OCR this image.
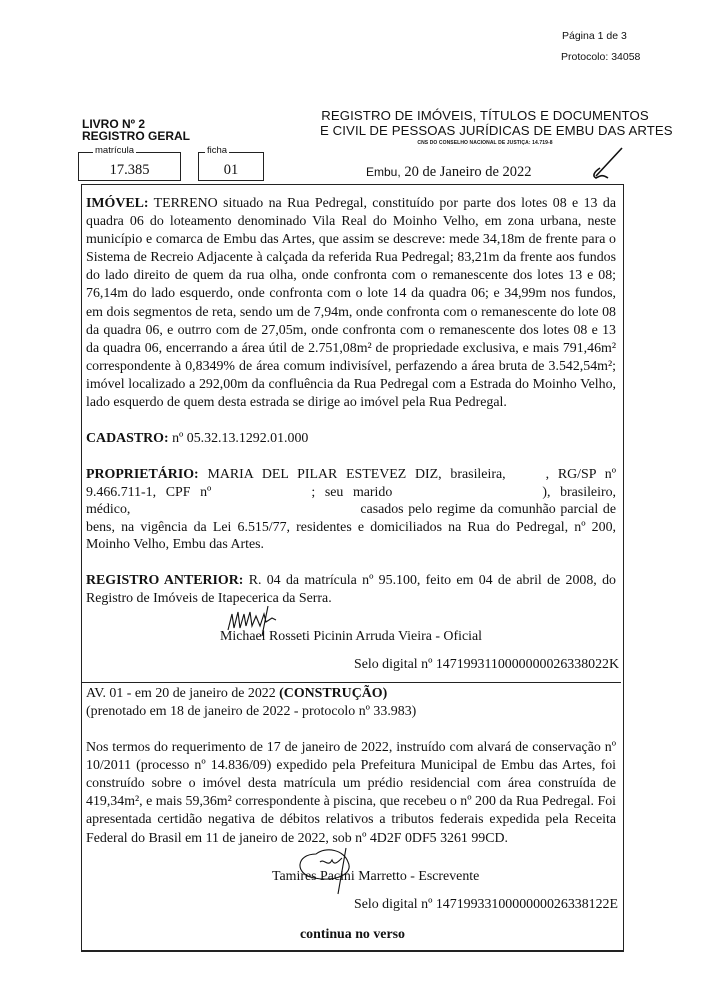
Página 1 de 3
Protocolo: 34058
LIVRO Nº 2
REGISTRO GERAL
matrícula
17.385
ficha
01
REGISTRO DE IMÓVEIS, TÍTULOS E DOCUMENTOS
E CIVIL DE PESSOAS JURÍDICAS DE EMBU DAS ARTES
CNS DO CONSELHO NACIONAL DE JUSTIÇA: 14.719-8
Embu, 20 de Janeiro de 2022
IMÓVEL: TERRENO situado na Rua Pedregal, constituído por parte dos lotes 08 e 13 da quadra 06 do loteamento denominado Vila Real do Moinho Velho, em zona urbana, neste município e comarca de Embu das Artes, que assim se descreve: mede 34,18m de frente para o Sistema de Recreio Adjacente à calçada da referida Rua Pedregal; 83,21m da frente aos fundos do lado direito de quem da rua olha, onde confronta com o remanescente dos lotes 13 e 08; 76,14m do lado esquerdo, onde confronta com o lote 14 da quadra 06; e 34,99m nos fundos, em dois segmentos de reta, sendo um de 7,94m, onde confronta com o remanescente do lote 08 da quadra 06, e outrro com de 27,05m, onde confronta com o remanescente dos lotes 08 e 13 da quadra 06, encerrando a área útil de 2.751,08m² de propriedade exclusiva, e mais 791,46m² correspondente à 0,8349% de área comum indivisível, perfazendo a área bruta de 3.542,54m²; imóvel localizado a 292,00m da confluência da Rua Pedregal com a Estrada do Moinho Velho, lado esquerdo de quem desta estrada se dirige ao imóvel pela Rua Pedregal.
CADASTRO: nº 05.32.13.1292.01.000
PROPRIETÁRIO: MARIA DEL PILAR ESTEVEZ DIZ, brasileira,	, RG/SP nº 9.466.711-1, CPF nº	; seu marido	), brasileiro, médico,	casados pelo regime da comunhão parcial de bens, na vigência da Lei 6.515/77, residentes e domiciliados na Rua do Pedregal, nº 200, Moinho Velho, Embu das Artes.
REGISTRO ANTERIOR: R. 04 da matrícula nº 95.100, feito em 04 de abril de 2008, do Registro de Imóveis de Itapecerica da Serra.
Michael Rosseti Picinin Arruda Vieira - Oficial
Selo digital nº 1471993110000000026338022K
AV. 01 - em 20 de janeiro de 2022 (CONSTRUÇÃO)
(prenotado em 18 de janeiro de 2022 - protocolo nº 33.983)
Nos termos do requerimento de 17 de janeiro de 2022, instruído com alvará de conservação nº 10/2011 (processo nº 14.836/09) expedido pela Prefeitura Municipal de Embu das Artes, foi construído sobre o imóvel desta matrícula um prédio residencial com área construída de 419,34m², e mais 59,36m² correspondente à piscina, que recebeu o nº 200 da Rua Pedregal. Foi apresentada certidão negativa de débitos relativos a tributos federais expedida pela Receita Federal do Brasil em 11 de janeiro de 2022, sob nº 4D2F 0DF5 3261 99CD.
Tamires Pacini Marretto - Escrevente
Selo digital nº 1471993310000000026338122E
continua no verso
